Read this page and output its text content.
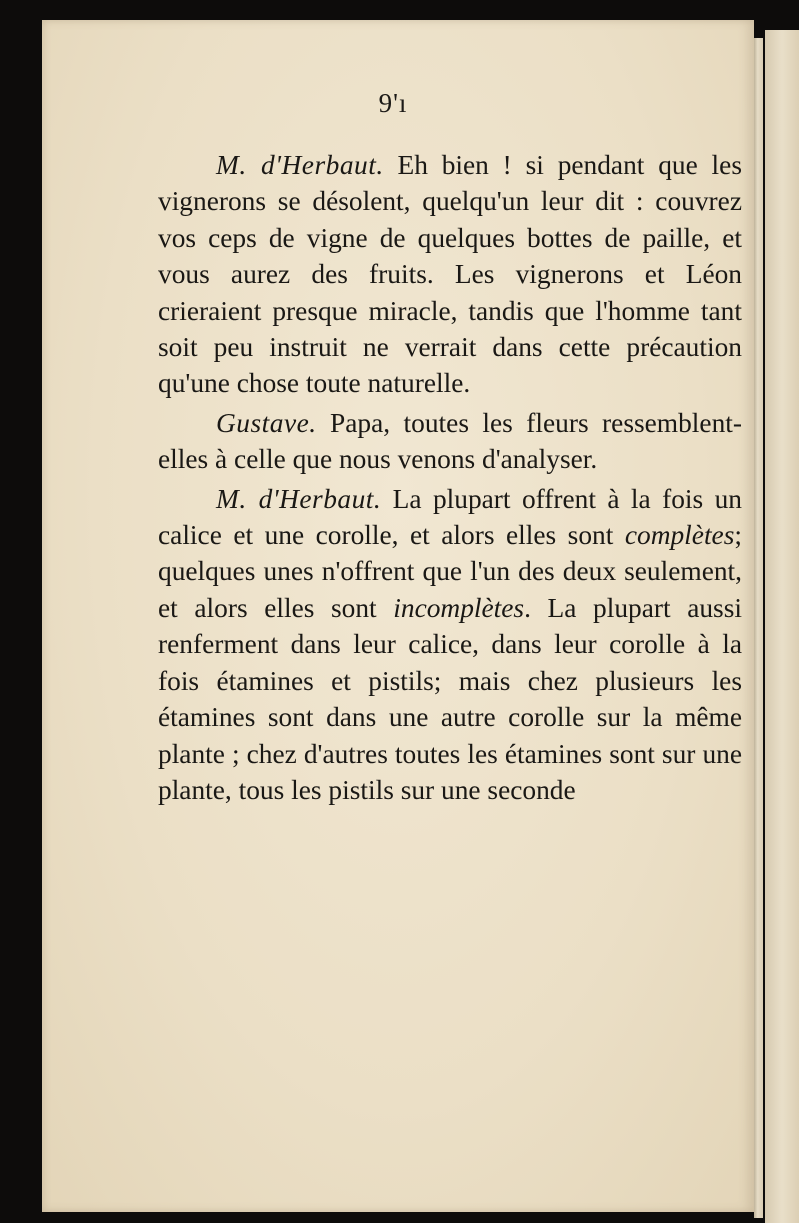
9'ı

M. d'Herbaut. Eh bien ! si pendant que les vignerons se désolent, quelqu'un leur dit : couvrez vos ceps de vigne de quelques bottes de paille, et vous aurez des fruits. Les vignerons et Léon crieraient presque miracle, tandis que l'homme tant soit peu instruit ne verrait dans cette précaution qu'une chose toute naturelle.

Gustave. Papa, toutes les fleurs ressemblent-elles à celle que nous venons d'analyser.

M. d'Herbaut. La plupart offrent à la fois un calice et une corolle, et alors elles sont complètes; quelques unes n'offrent que l'un des deux seulement, et alors elles sont incomplètes. La plupart aussi renferment dans leur calice, dans leur corolle à la fois étamines et pistils; mais chez plusieurs les étamines sont dans une autre corolle sur la même plante ; chez d'autres toutes les étamines sont sur une plante, tous les pistils sur une seconde
